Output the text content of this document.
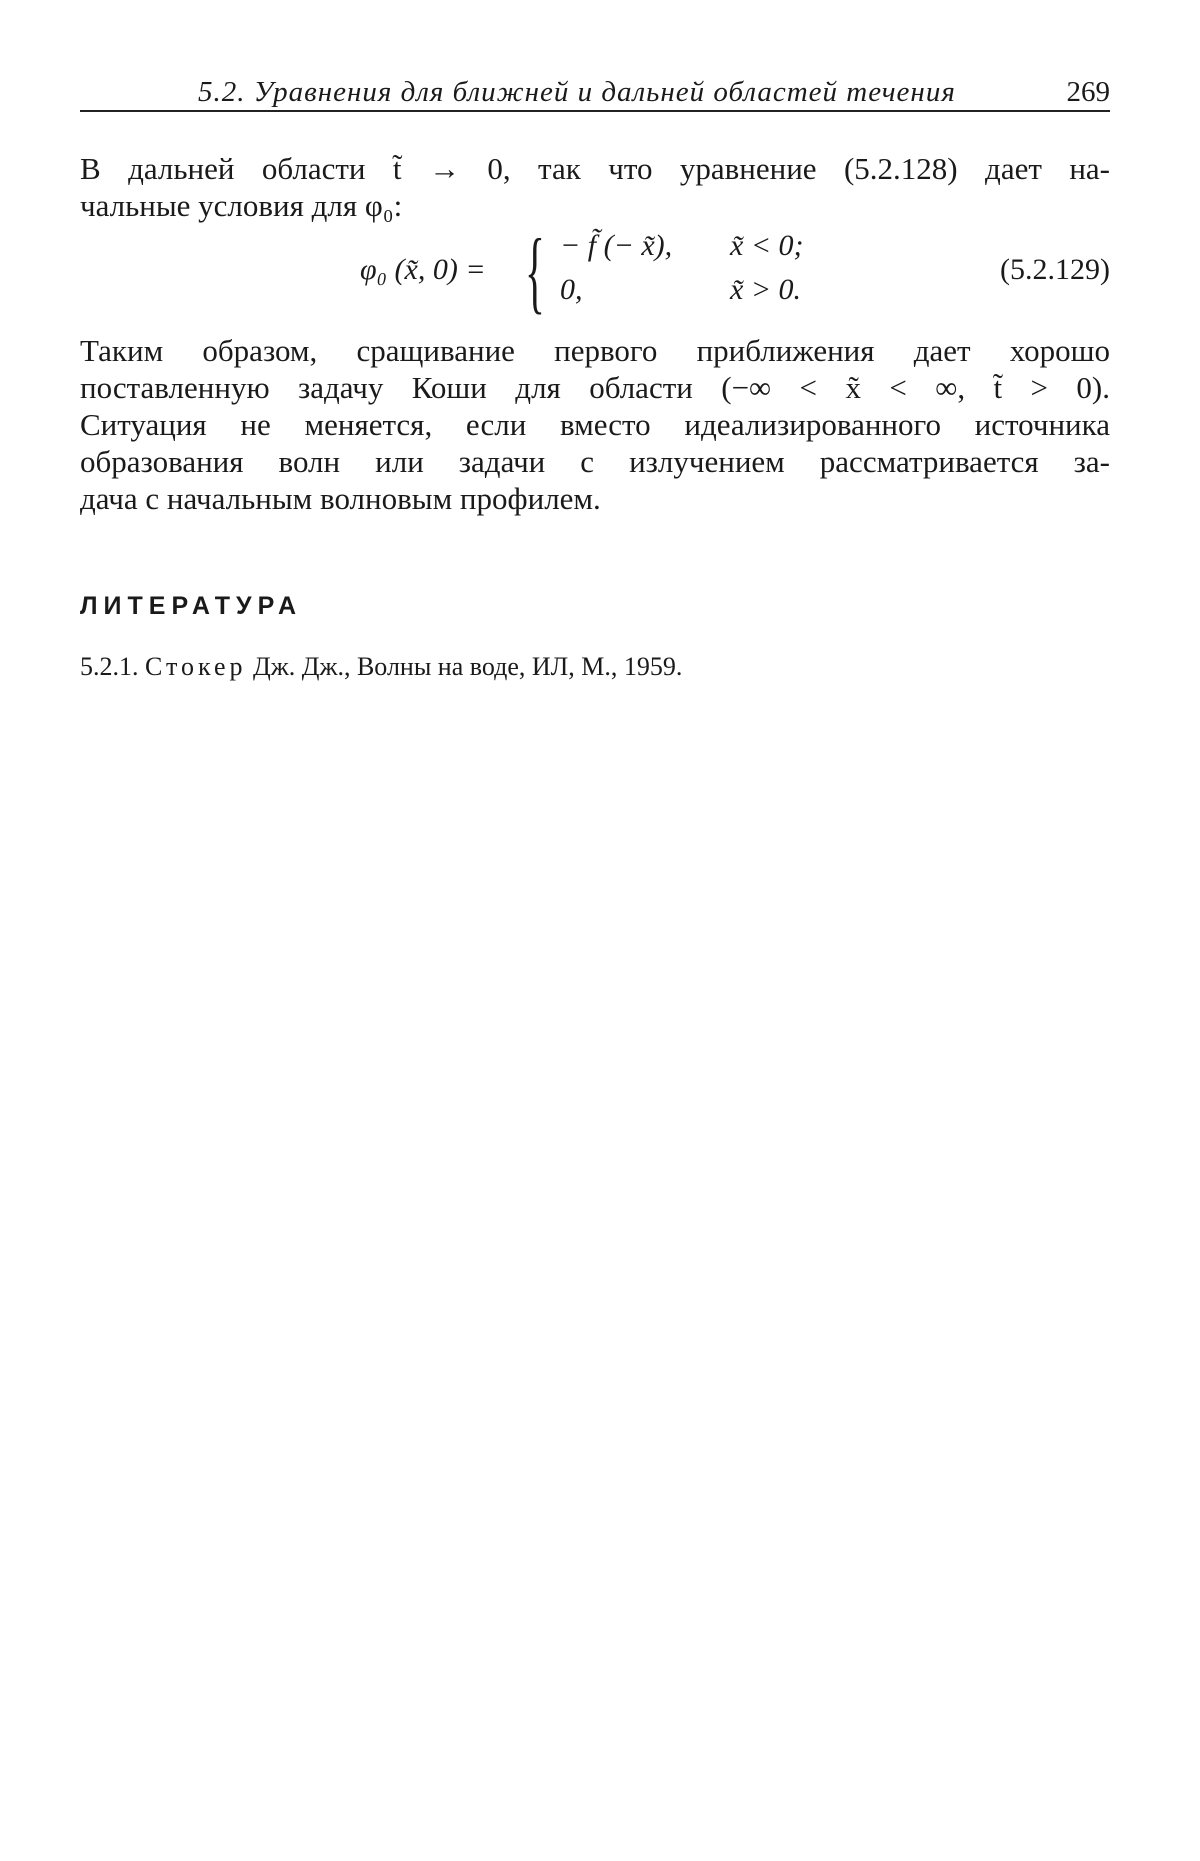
5.2. Уравнения для ближней и дальней областей течения	269
В дальней области t̃ → 0, так что уравнение (5.2.128) дает на-
чальные условия для φ₀:
φ₀ (x̃, 0) = { − f̃ (− x̃), x̃ < 0;
0,	x̃ > 0.
(5.2.129)
Таким образом, сращивание первого приближения дает хорошо
поставленную задачу Коши для области (−∞ < x̃ < ∞, t̃ > 0).
Ситуация не меняется, если вместо идеализированного источника
образования волн или задачи с излучением рассматривается за-
дача с начальным волновым профилем.
ЛИТЕРАТУРА
5.2.1. Стокер Дж. Дж., Волны на воде, ИЛ, М., 1959.
